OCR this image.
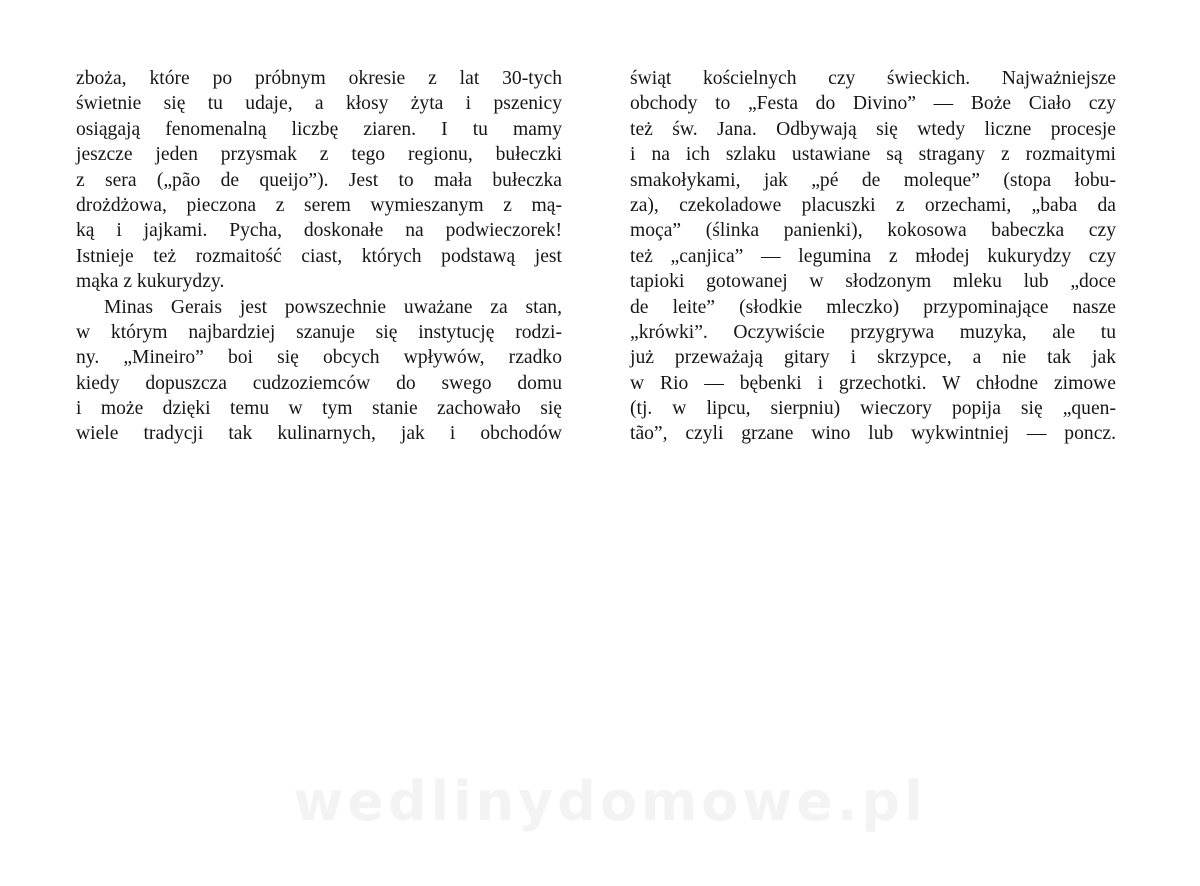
zboża, które po próbnym okresie z lat 30-tych
świetnie się tu udaje, a kłosy żyta i pszenicy
osiągają fenomenalną liczbę ziaren. I tu mamy
jeszcze jeden przysmak z tego regionu, bułeczki
z sera („pão de queijo”). Jest to mała bułeczka
drożdżowa, pieczona z serem wymieszanym z mą-
ką i jajkami. Pycha, doskonałe na podwieczorek!
Istnieje też rozmaitość ciast, których podstawą jest
mąka z kukurydzy.
Minas Gerais jest powszechnie uważane za stan,
w którym najbardziej szanuje się instytucję rodzi-
ny. „Mineiro” boi się obcych wpływów, rzadko
kiedy dopuszcza cudzoziemców do swego domu
i może dzięki temu w tym stanie zachowało się
wiele tradycji tak kulinarnych, jak i obchodów
świąt kościelnych czy świeckich. Najważniejsze
obchody to „Festa do Divino” — Boże Ciało czy
też św. Jana. Odbywają się wtedy liczne procesje
i na ich szlaku ustawiane są stragany z rozmaitymi
smakołykami, jak „pé de moleque” (stopa łobu-
za), czekoladowe placuszki z orzechami, „baba da
moça” (ślinka panienki), kokosowa babeczka czy
też „canjica” — legumina z młodej kukurydzy czy
tapioki gotowanej w słodzonym mleku lub „doce
de leite” (słodkie mleczko) przypominające nasze
„krówki”. Oczywiście przygrywa muzyka, ale tu
już przeważają gitary i skrzypce, a nie tak jak
w Rio — bębenki i grzechotki. W chłodne zimowe
(tj. w lipcu, sierpniu) wieczory popija się „quen-
tão”, czyli grzane wino lub wykwintniej — poncz.
wedlinydomowe.pl
